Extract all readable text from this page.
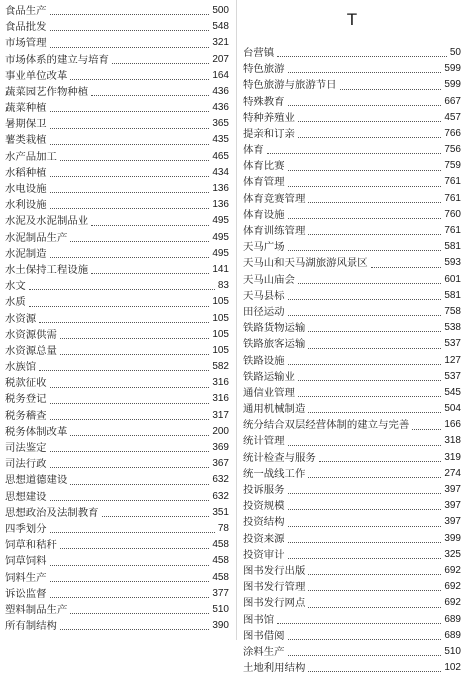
食品生产	500
食品批发	548
市场管理	321
市场体系的建立与培育	207
事业单位改革	164
蔬菜园艺作物种植	436
蔬菜种植	436
暑期保卫	365
薯类栽植	435
水产品加工	465
水稻种植	434
水电设施	136
水利设施	136
水泥及水泥制品业	495
水泥制品生产	495
水泥制造	495
水土保持工程设施	141
水文	83
水质	105
水资源	105
水资源供需	105
水资源总量	105
水族馆	582
税款征收	316
税务登记	316
税务稽查	317
税务体制改革	200
司法鉴定	369
司法行政	367
思想道德建设	632
思想建设	632
思想政治及法制教育	351
四季划分	78
饲草和秸秆	458
饲草饲料	458
饲料生产	458
诉讼监督	377
塑料制品生产	510
所有制结构	390
T
台营镇	50
特色旅游	599
特色旅游与旅游节日	599
特殊教育	667
特种养殖业	457
提亲和订亲	766
体育	756
体育比赛	759
体育管理	761
体育竞赛管理	761
体育设施	760
体育训练管理	761
天马广场	581
天马山和天马湖旅游风景区	593
天马山庙会	601
天马县标	581
田径运动	758
铁路货物运输	538
铁路旅客运输	537
铁路设施	127
铁路运输业	537
通信业管理	545
通用机械制造	504
统分结合双层经营体制的建立与完善	166
统计管理	318
统计检查与服务	319
统一战线工作	274
投诉服务	397
投资规模	397
投资结构	397
投资来源	399
投资审计	325
图书发行出版	692
图书发行管理	692
图书发行网点	692
图书馆	689
图书借阅	689
涂料生产	510
土地利用结构	102
